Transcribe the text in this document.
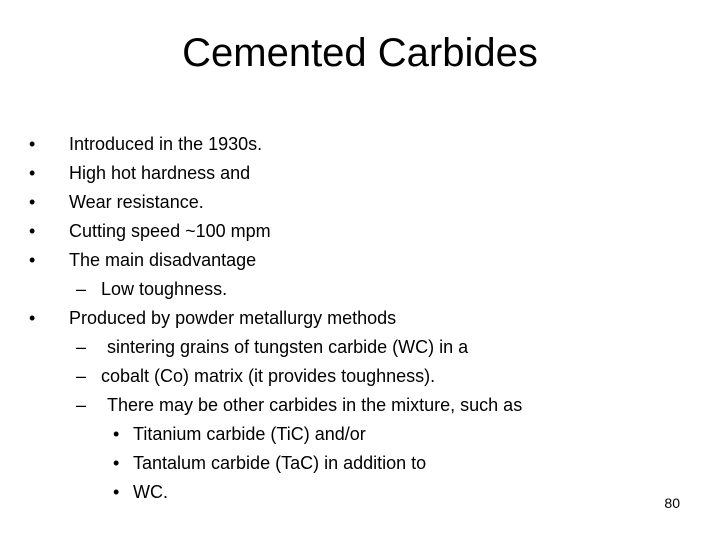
Cemented Carbides
• Introduced in the 1930s.
• High hot hardness and
• Wear resistance.
• Cutting speed ~100 mpm
• The main disadvantage
– Low toughness.
• Produced by powder metallurgy methods
– sintering grains of tungsten carbide (WC) in a
– cobalt (Co) matrix (it provides toughness).
– There may be other carbides in the mixture, such as
• Titanium carbide (TiC) and/or
• Tantalum carbide (TaC) in addition to
• WC.
80
